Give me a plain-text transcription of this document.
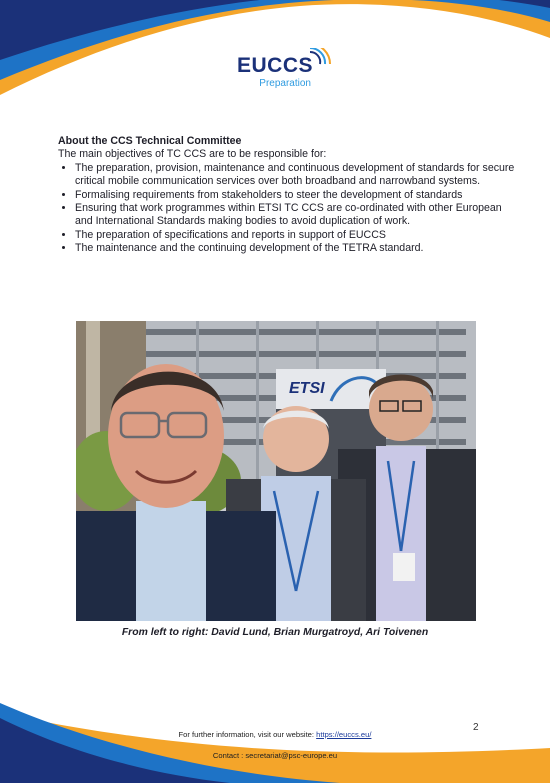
EUCCS
Preparation
About the CCS Technical Committee
The main objectives of TC CCS are to be responsible for:
• The preparation, provision, maintenance and continuous development of standards for secure critical mobile communication services over both broadband and narrowband systems.
• Formalising requirements from stakeholders to steer the development of standards
• Ensuring that work programmes within ETSI TC CCS are co-ordinated with other European and International Standards making bodies to avoid duplication of work.
• The preparation of specifications and reports in support of EUCCS
• The maintenance and the continuing development of the TETRA standard.
ETSI
From left to right: David Lund, Brian Murgatroyd, Ari Toivenen
2
For further information, visit our website: https://euccs.eu/
Contact : secretariat@psc-europe.eu
